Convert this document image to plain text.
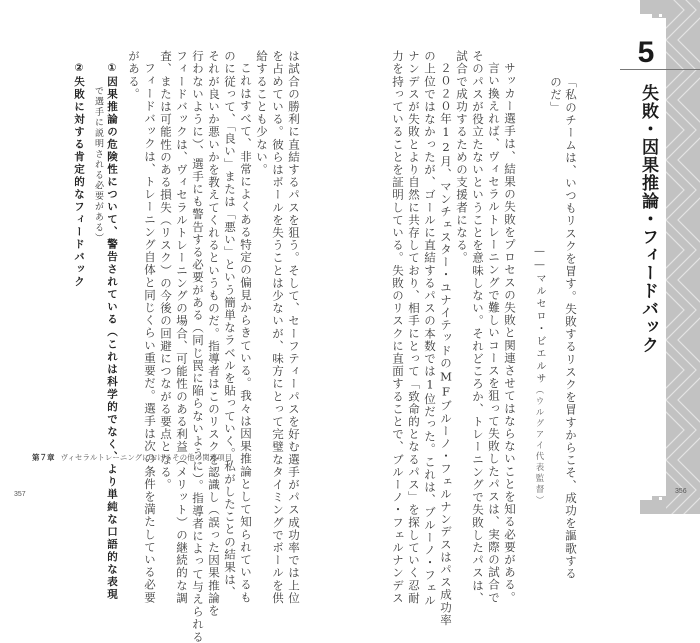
5
失敗・因果推論・フィードバック
「私のチームは、いつもリスクを冒す。失敗するリスクを冒すからこそ、成功を謳歌する
のだ」
――マルセロ・ビエルサ（ウルグアイ代表監督）
サッカー選手は、結果の失敗をプロセスの失敗と関連させてはならないことを知る必要がある。
言い換えれば、ヴィセラルトレーニングで難しいコースを狙って失敗したパスは、実際の試合で
そのパスが役立たないということを意味しない。それどころか、トレーニングで失敗したパスは、
試合で成功するための支援者になる。
２０２０年12月、マンチェスター・ユナイテッドのMFブルーノ・フェルナンデスはパス成功率
の上位ではなかったが、ゴールに直結するパスの本数では1位だった。これは、ブルーノ・フェル
ナンデスが失敗とより自然に共存しており、相手にとって「致命的となるパス」を探していく忍耐
力を持っていることを証明している。失敗のリスクに直面することで、ブルーノ・フェルナンデス
は試合の勝利に直結するパスを狙う。そして、セーフティーパスを好む選手がパス成功率では上位
を占めている。彼らはボールを失うことは少ないが、味方にとって完璧なタイミングでボールを供
給することも少ない。
これはすべて、非常によくある特定の偏見からきている。我々は因果推論として知られているも
のに従って、「良い」または「悪い」という簡単なラベルを貼っていく。私がしたことの結果は、
それが良いか悪いかを教えてくれるというものだ。指導者はこのリスクを認識し（誤った因果推論を
行わないように）、選手にも警告する必要がある（同じ罠に陥らないように）。指導者によって与えられる
フィードバックは、ヴィセラルトレーニングの場合、可能性のある利益（メリット）の継続的な調
査、または可能性のある損失（リスク）の今後の回避につながる要点となる。
フィードバックは、トレーニング自体と同じくらい重要だ。選手は次の条件を満たしている必要
がある。
①因果推論の危険性について、警告されている（これは科学的でなく、より単純な口語的な表現
で選手に説明される必要がある）
②失敗に対する肯定的なフィードバック
第７章 ヴィセラルトレーニングにおけるその他の関連項目
357	356
